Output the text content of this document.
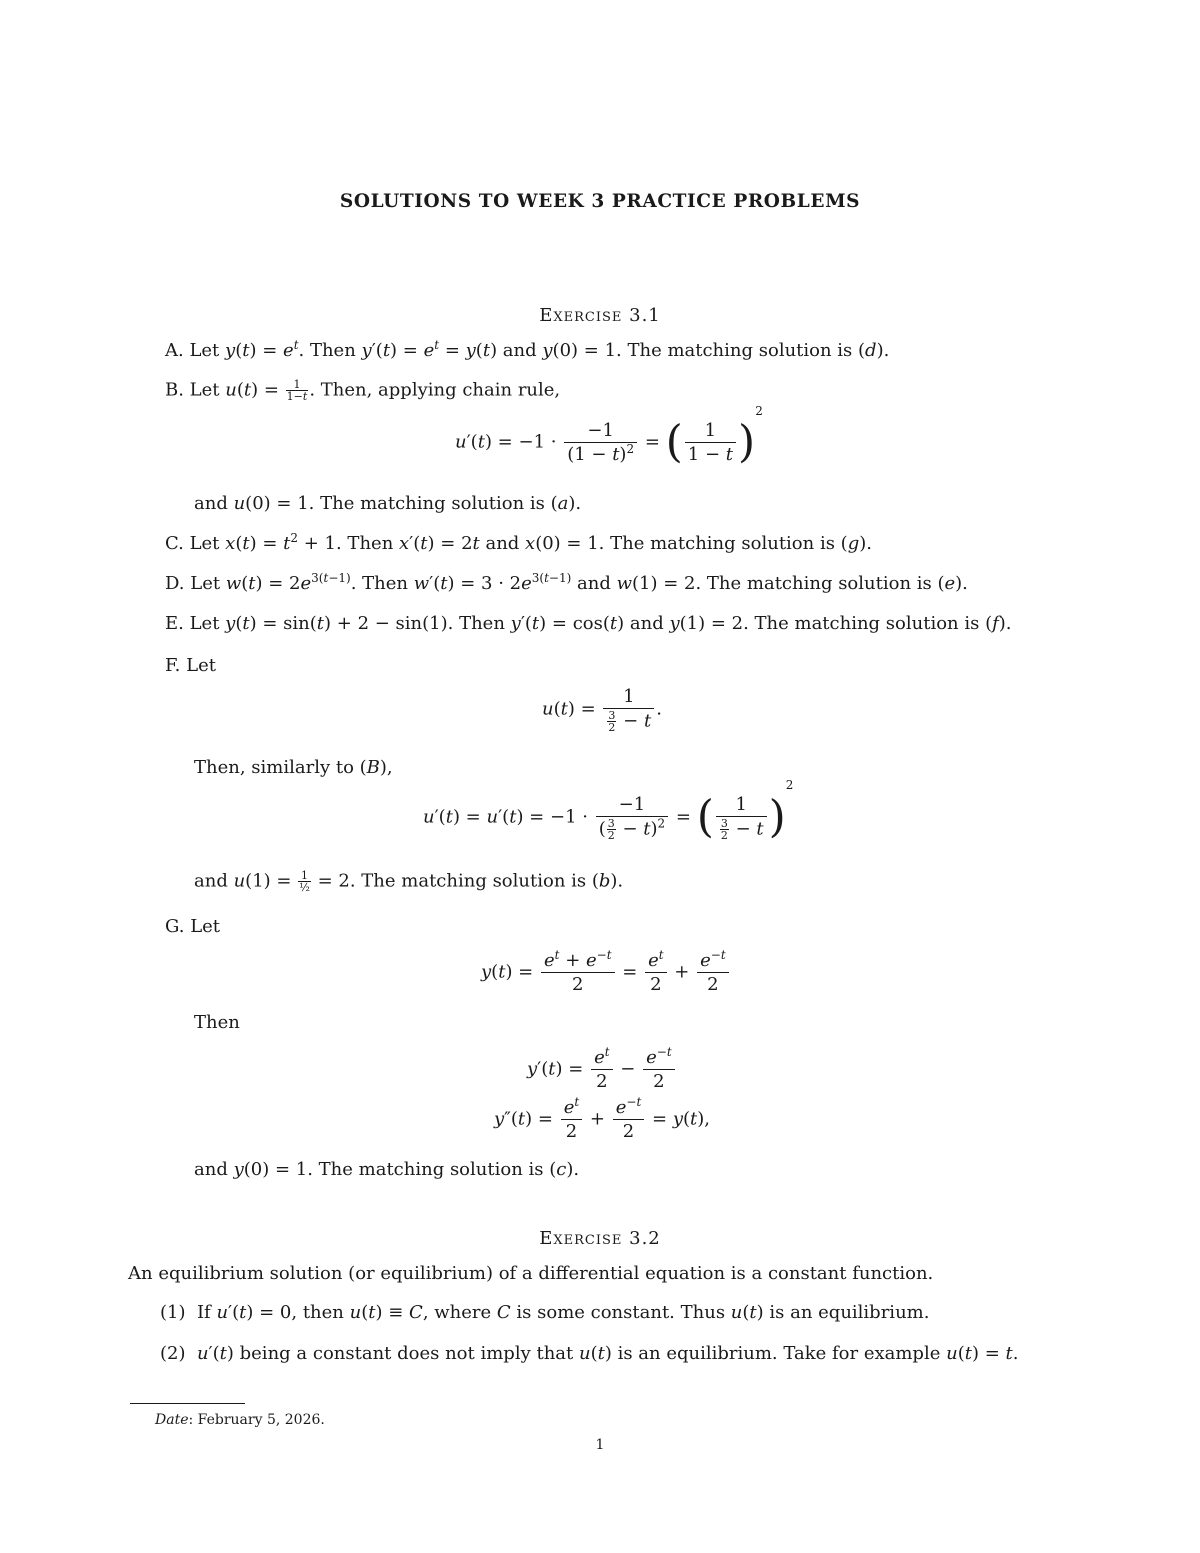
SOLUTIONS TO WEEK 3 PRACTICE PROBLEMS
Exercise 3.1
A. Let $y(t) = e^t$. Then $y'(t) = e^t = y(t)$ and y(0) = 1. The matching solution is (d).
B. Let $u(t) = \frac{1}{1-t}$ . Then, applying chain rule,
$u'(t) = -1 \cdot \frac{-1}{(1 - t)^2}$ = ( $\frac{1}{1 - t} )^2$
and u(0) = 1. The matching solution is (a).
C. Let $x(t) = t^2 + 1$. Then x′(t) = 2t and x(0) = 1. The matching solution is (g).
D. Let $w(t) = 2e^{3(t-1)}$. Then $w'(t) = 3 \cdot 2e^{3(t-1)}$ and w(1) = 2. The matching solution is (e).
E. Let y(t) = sin(t) + 2 − sin(1). Then y′(t) = cos(t) and y(1) = 2. The matching solution is (f).
F. Let
$u(t) = \frac{1}{\frac{3}{2} - t}$ .
Then, similarly to (B),
$u'(t) = u'(t) = -1 \cdot \frac{-1}{( \frac{3}{2} - t)^2}$ = ( $\frac{1}{\frac{3}{2} - t} )^2$
and $u(1) = \frac{1}{\text{½}} = 2$. The matching solution is (b).
G. Let
$y(t) = \frac{e^t + e^{-t}}{2} = \frac{e^t}{2} + \frac{e^{-t}}{2}$
Then
$y'(t) = \frac{e^t}{2} - \frac{e^{-t}}{2}$
$y''(t) = \frac{e^t}{2} + \frac{e^{-t}}{2} = y(t)$,
and y(0) = 1. The matching solution is (c).
Exercise 3.2
An equilibrium solution (or equilibrium) of a differential equation is a constant function.
(1)  If u′(t) = 0, then u(t) ≡ C, where C is some constant. Thus u(t) is an equilibrium.
(2) u′(t) being a constant does not imply that u(t) is an equilibrium. Take for example u(t) = t.
Date: February 5, 2026.
1
